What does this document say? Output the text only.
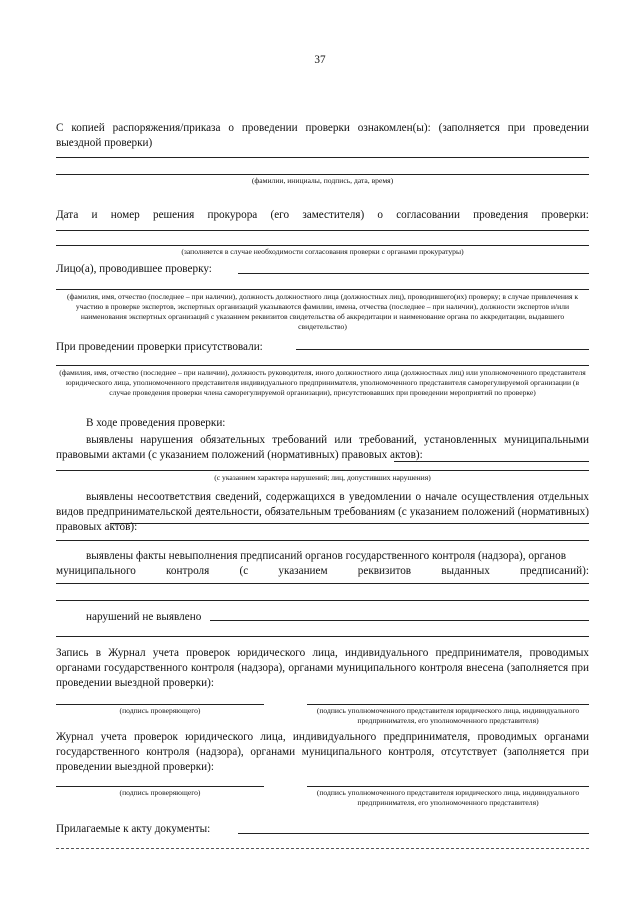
37
С копией распоряжения/приказа о проведении проверки ознакомлен(ы): (заполняется при проведении выездной проверки)
(фамилии, инициалы, подпись, дата, время)
Дата и номер решения прокурора (его заместителя) о согласовании проведения проверки:
(заполняется в случае необходимости согласования проверки с органами прокуратуры)
Лицо(а), проводившее проверку:
(фамилия, имя, отчество (последнее – при наличии), должность должностного лица (должностных лиц), проводившего(их) проверку; в случае привлечения к участию в проверке экспертов, экспертных организаций указываются фамилии, имена, отчества (последнее – при наличии), должности экспертов и/или наименования экспертных организаций с указанием реквизитов свидетельства об аккредитации и наименование органа по аккредитации, выдавшего свидетельство)
При проведении проверки присутствовали:
(фамилия, имя, отчество (последнее – при наличии), должность руководителя, иного должностного лица (должностных лиц) или уполномоченного представителя юридического лица, уполномоченного представителя индивидуального предпринимателя, уполномоченного представителя саморегулируемой организации (в случае проведения проверки члена саморегулируемой организации), присутствовавших при проведении мероприятий по проверке)
В ходе проведения проверки:
выявлены нарушения обязательных требований или требований, установленных муниципальными правовыми актами (с указанием положений (нормативных) правовых актов):
(с указанием характера нарушений; лиц, допустивших нарушения)
выявлены несоответствия сведений, содержащихся в уведомлении о начале осуществления отдельных видов предпринимательской деятельности, обязательным требованиям (с указанием положений (нормативных) правовых актов):
выявлены факты невыполнения предписаний органов государственного контроля (надзора), органов
муниципального	контроля	(с	указанием	реквизитов	выданных	предписаний):
нарушений не выявлено
Запись в Журнал учета проверок юридического лица, индивидуального предпринимателя, проводимых органами государственного контроля (надзора), органами муниципального контроля внесена (заполняется при проведении выездной проверки):
(подпись проверяющего)	(подпись уполномоченного представителя юридического лица, индивидуального предпринимателя, его уполномоченного представителя)
Журнал учета проверок юридического лица, индивидуального предпринимателя, проводимых органами государственного контроля (надзора), органами муниципального контроля, отсутствует (заполняется при проведении выездной проверки):
(подпись проверяющего)	(подпись уполномоченного представителя юридического лица, индивидуального предпринимателя, его уполномоченного представителя)
Прилагаемые к акту документы:
